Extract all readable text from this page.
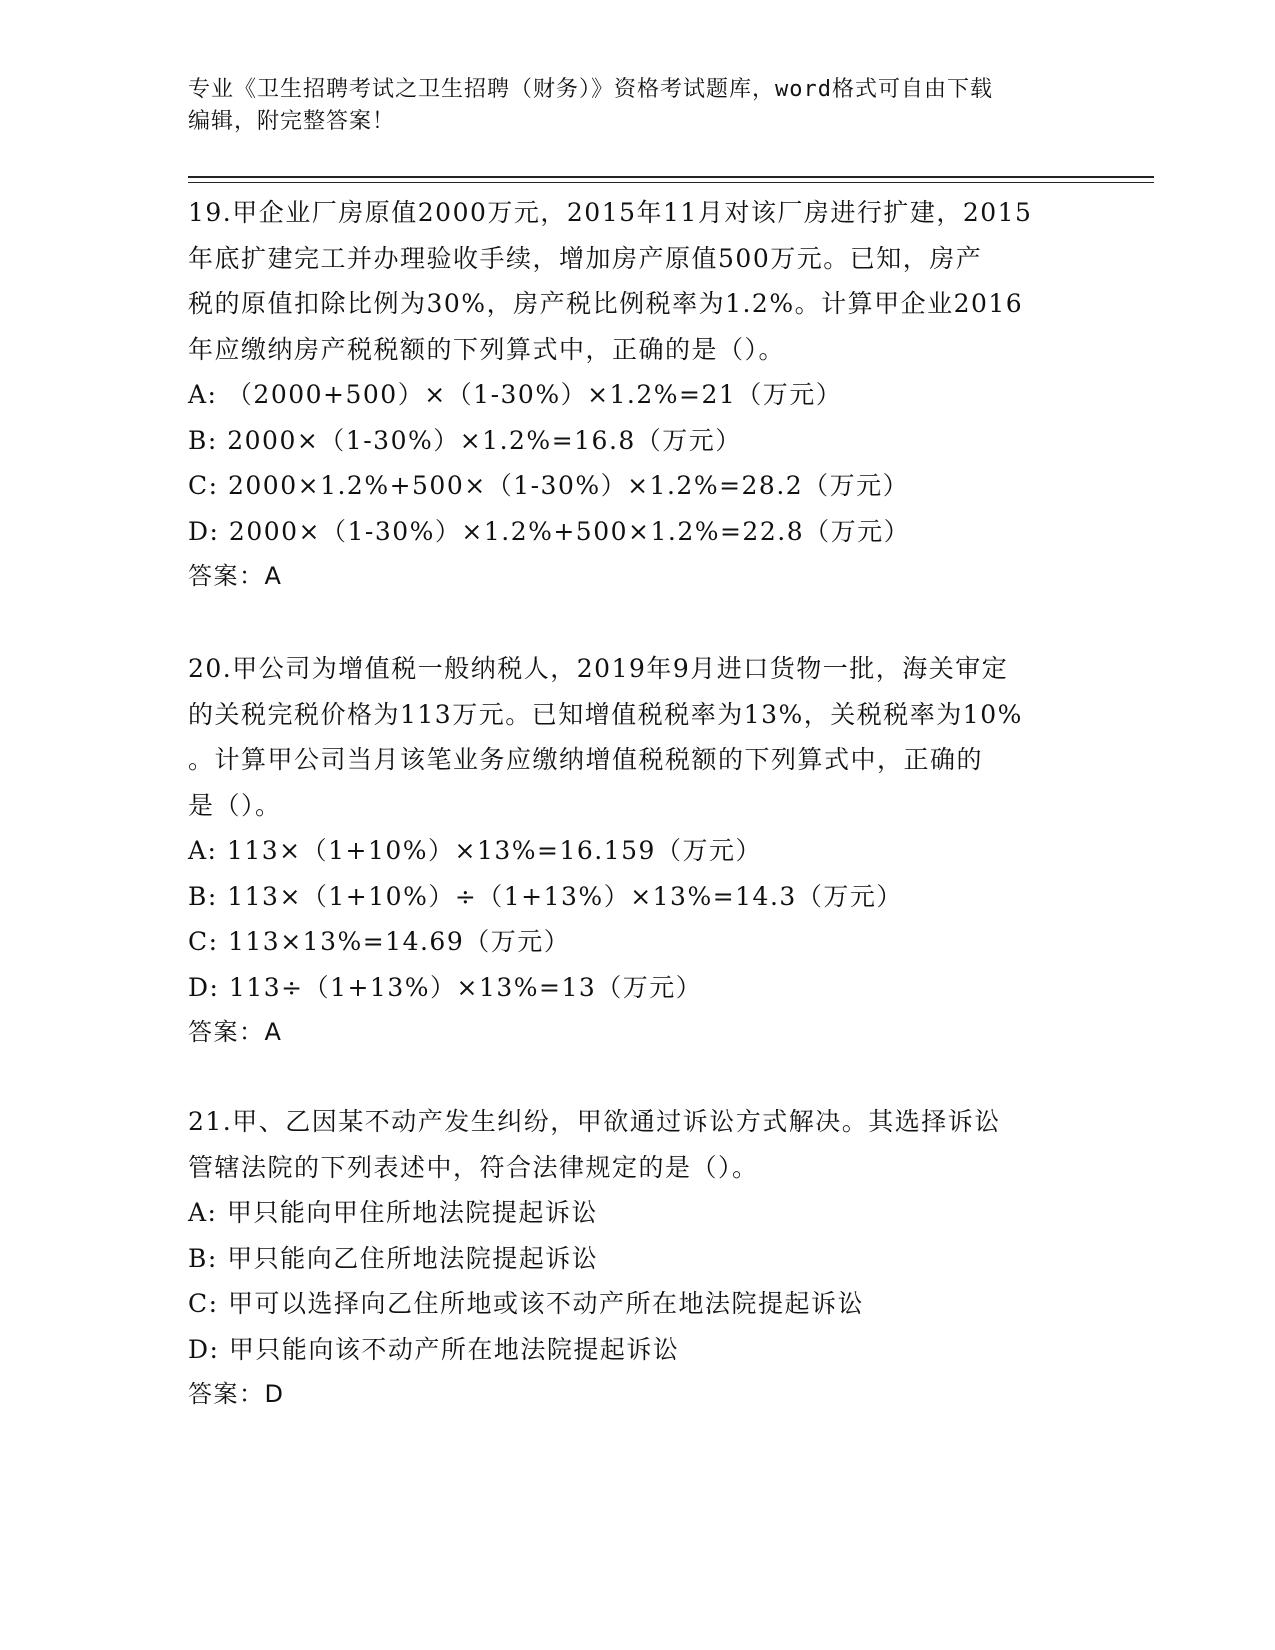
专业《卫生招聘考试之卫生招聘（财务）》资格考试题库，word格式可自由下载
编辑，附完整答案！
19.甲企业厂房原值2000万元，2015年11月对该厂房进行扩建，2015
年底扩建完工并办理验收手续，增加房产原值500万元。已知，房产
税的原值扣除比例为30%，房产税比例税率为1.2%。计算甲企业2016
年应缴纳房产税税额的下列算式中，正确的是（）。
A: （2000+500）×（1-30%）×1.2%=21（万元）
B: 2000×（1-30%）×1.2%=16.8（万元）
C: 2000×1.2%+500×（1-30%）×1.2%=28.2（万元）
D: 2000×（1-30%）×1.2%+500×1.2%=22.8（万元）
答案：A
20.甲公司为增值税一般纳税人，2019年9月进口货物一批，海关审定
的关税完税价格为113万元。已知增值税税率为13%，关税税率为10%
。计算甲公司当月该笔业务应缴纳增值税税额的下列算式中，正确的
是（）。
A: 113×（1+10%）×13%=16.159（万元）
B: 113×（1+10%）÷（1+13%）×13%=14.3（万元）
C: 113×13%=14.69（万元）
D: 113÷（1+13%）×13%=13（万元）
答案：A
21.甲、乙因某不动产发生纠纷，甲欲通过诉讼方式解决。其选择诉讼
管辖法院的下列表述中，符合法律规定的是（）。
A: 甲只能向甲住所地法院提起诉讼
B: 甲只能向乙住所地法院提起诉讼
C: 甲可以选择向乙住所地或该不动产所在地法院提起诉讼
D: 甲只能向该不动产所在地法院提起诉讼
答案：D
